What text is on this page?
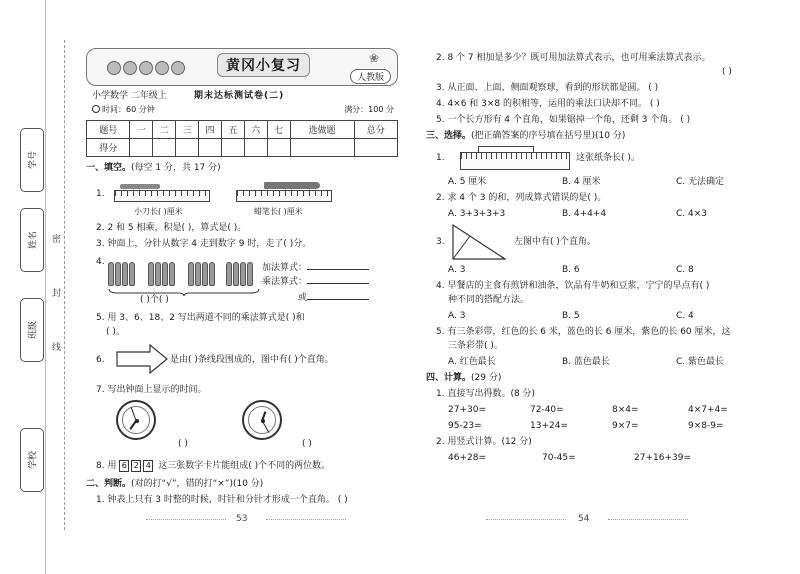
学号
姓名
班级
学校
密
封
线
黄冈小复习	❀
人教版
小学数学 二年级上	期末达标测试卷(二)
时间：60 分钟	满分：100 分
题号	一	二	三	四	五	六	七	选做题	总分
得分									
一、填空。(每空 1 分，共 17 分)
1.
小刀长( )厘米	蜡笔长( )厘米
2. 2 和 5 相乘，积是( )，算式是( )。
3. 钟面上，分针从数字 4 走到数字 9 时，走了( )分。
4.
( )个( )
加法算式：
乘法算式：
或
5. 用 3、6、18、2 写出两道不同的乘法算式是( )和
( )。
6.	是由( )条线段围成的，图中有( )个直角。
7. 写出钟面上显示的时间。
( )	( )
8. 用 6 2 4 这三张数字卡片能组成( )个不同的两位数。
二、判断。(对的打“√”，错的打“×”)(10 分)
1. 钟表上只有 3 时整的时候，时针和分针才形成一个直角。 ( )
53
2. 8 个 7 相加是多少？既可用加法算式表示，也可用乘法算式表示。
( )
3. 从正面、上面、侧面观察球，看到的形状都是圆。 ( )
4. 4×6 和 3×8 的积相等，运用的乘法口诀却不同。 ( )
5. 一个长方形有 4 个直角，如果锯掉一个角，还剩 3 个角。 ( )
三、选择。(把正确答案的序号填在括号里)(10 分)
1.	这张纸条长( )。
A. 5 厘米	B. 4 厘米	C. 无法确定
2. 求 4 个 3 的和，列成算式错误的是( )。
A. 3+3+3+3	B. 4+4+4	C. 4×3
3.	左图中有( )个直角。
A. 3	B. 6	C. 8
4. 早餐店的主食有煎饼和油条，饮品有牛奶和豆浆，宁宁的早点有( )
种不同的搭配方法。
A. 3	B. 5	C. 4
5. 有三条彩带，红色的长 6 米，蓝色的长 6 厘米，紫色的长 60 厘米，这
三条彩带( )。
A. 红色最长	B. 蓝色最长	C. 紫色最长
四、计算。(29 分)
1. 直接写出得数。(8 分)
27+30=	72-40=	8×4=	4×7+4=
95-23=	13+24=	9×7=	9×8-9=
2. 用竖式计算。(12 分)
46+28=	70-45=	27+16+39=
54
